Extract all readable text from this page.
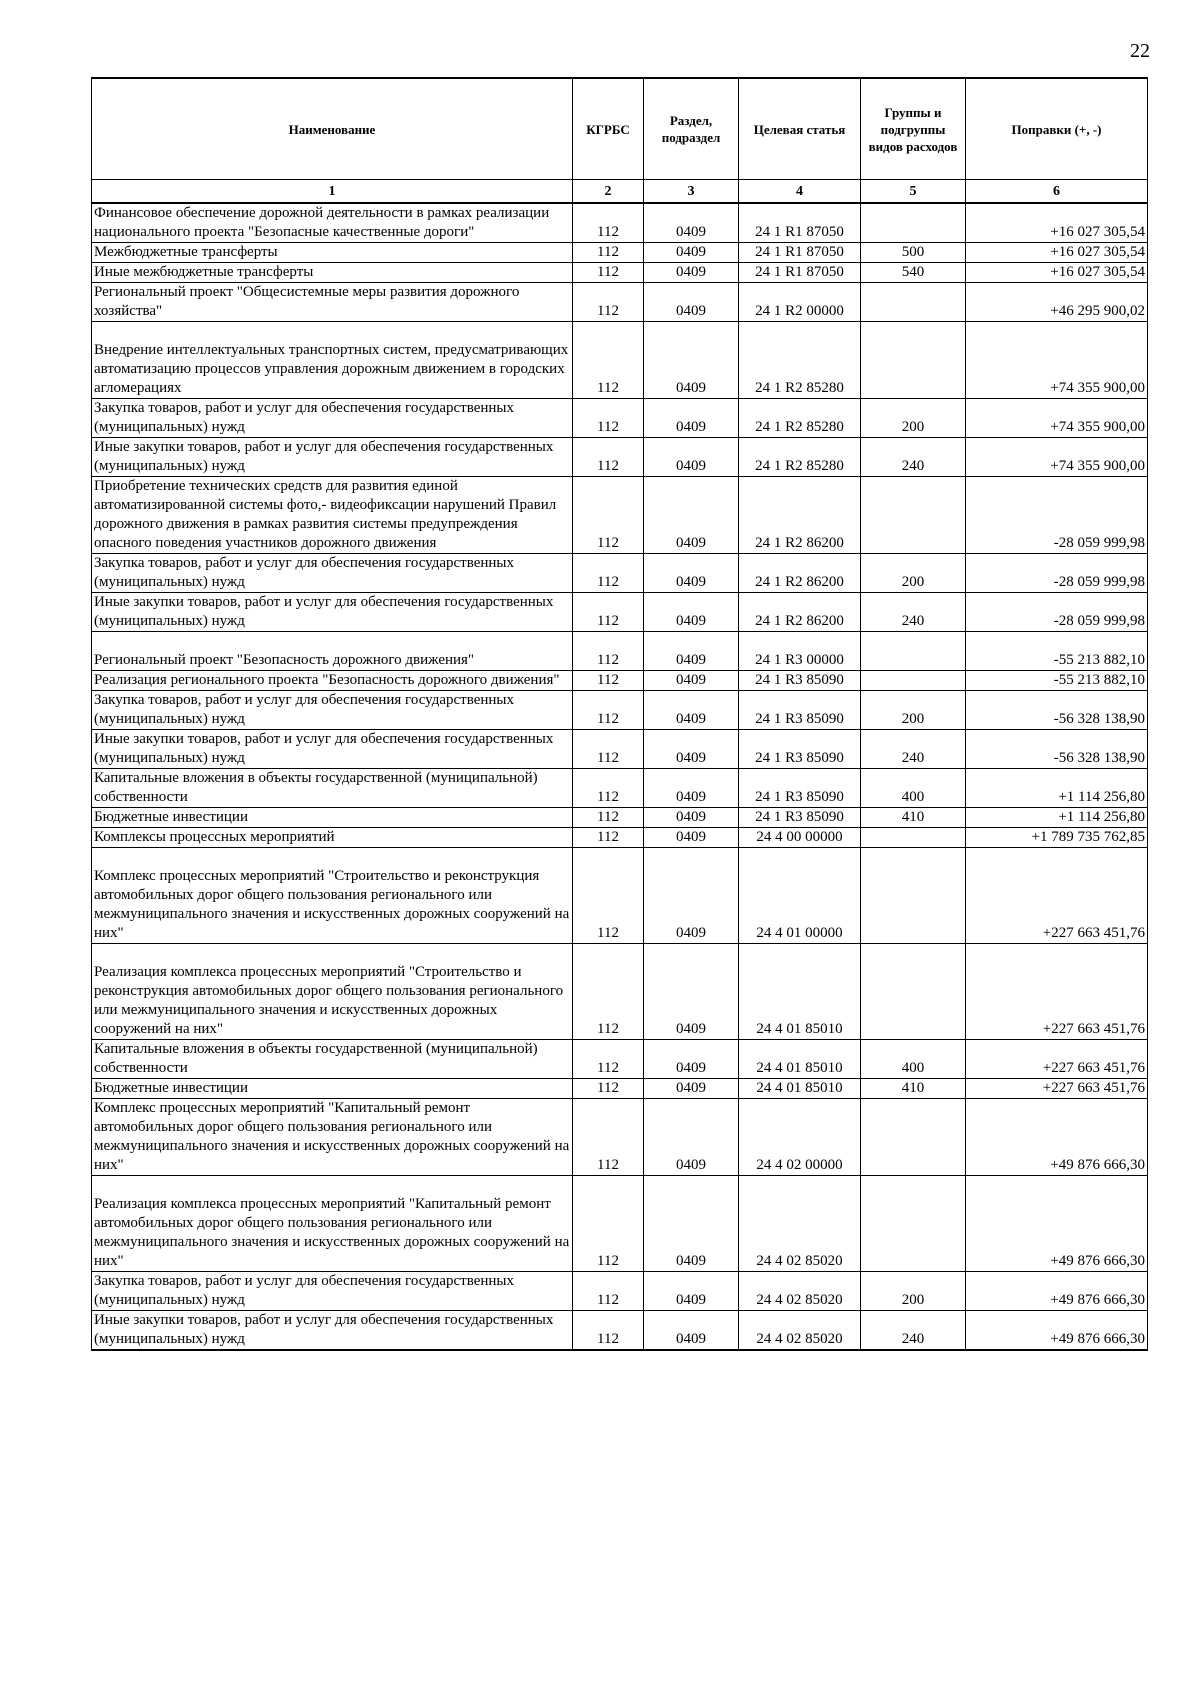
22
Наименование	КГРБС	Раздел, подраздел	Целевая статья	Группы и подгруппы видов расходов	Поправки (+, -)
1	2	3	4	5	6
Финансовое обеспечение дорожной деятельности в рамках реализации национального проекта "Безопасные качественные дороги"	112	0409	24 1 R1 87050		+16 027 305,54
Межбюджетные трансферты	112	0409	24 1 R1 87050	500	+16 027 305,54
Иные межбюджетные трансферты	112	0409	24 1 R1 87050	540	+16 027 305,54
Региональный проект "Общесистемные меры развития дорожного хозяйства"	112	0409	24 1 R2 00000		+46 295 900,02
Внедрение интеллектуальных транспортных систем, предусматривающих автоматизацию процессов управления дорожным движением в городских агломерациях	112	0409	24 1 R2 85280		+74 355 900,00
Закупка товаров, работ и услуг для обеспечения государственных (муниципальных) нужд	112	0409	24 1 R2 85280	200	+74 355 900,00
Иные закупки товаров, работ и услуг для обеспечения государственных (муниципальных) нужд	112	0409	24 1 R2 85280	240	+74 355 900,00
Приобретение технических средств для развития единой автоматизированной системы фото,- видеофиксации нарушений Правил дорожного движения в рамках развития системы предупреждения опасного поведения участников дорожного движения	112	0409	24 1 R2 86200		-28 059 999,98
Закупка товаров, работ и услуг для обеспечения государственных (муниципальных) нужд	112	0409	24 1 R2 86200	200	-28 059 999,98
Иные закупки товаров, работ и услуг для обеспечения государственных (муниципальных) нужд	112	0409	24 1 R2 86200	240	-28 059 999,98
Региональный проект "Безопасность дорожного движения"	112	0409	24 1 R3 00000		-55 213 882,10
Реализация регионального проекта "Безопасность дорожного движения"	112	0409	24 1 R3 85090		-55 213 882,10
Закупка товаров, работ и услуг для обеспечения государственных (муниципальных) нужд	112	0409	24 1 R3 85090	200	-56 328 138,90
Иные закупки товаров, работ и услуг для обеспечения государственных (муниципальных) нужд	112	0409	24 1 R3 85090	240	-56 328 138,90
Капитальные вложения в объекты государственной (муниципальной) собственности	112	0409	24 1 R3 85090	400	+1 114 256,80
Бюджетные инвестиции	112	0409	24 1 R3 85090	410	+1 114 256,80
Комплексы процессных мероприятий	112	0409	24 4 00 00000		+1 789 735 762,85
Комплекс процессных мероприятий "Строительство и реконструкция автомобильных дорог общего пользования регионального или межмуниципального значения и искусственных дорожных сооружений на них"	112	0409	24 4 01 00000		+227 663 451,76
Реализация комплекса процессных мероприятий "Строительство и реконструкция автомобильных дорог общего пользования регионального или межмуниципального значения и искусственных дорожных сооружений на них"	112	0409	24 4 01 85010		+227 663 451,76
Капитальные вложения в объекты государственной (муниципальной) собственности	112	0409	24 4 01 85010	400	+227 663 451,76
Бюджетные инвестиции	112	0409	24 4 01 85010	410	+227 663 451,76
Комплекс процессных мероприятий "Капитальный ремонт автомобильных дорог общего пользования регионального или межмуниципального значения и искусственных дорожных сооружений на них"	112	0409	24 4 02 00000		+49 876 666,30
Реализация комплекса процессных мероприятий "Капитальный ремонт автомобильных дорог общего пользования регионального или межмуниципального значения и искусственных дорожных сооружений на них"	112	0409	24 4 02 85020		+49 876 666,30
Закупка товаров, работ и услуг для обеспечения государственных (муниципальных) нужд	112	0409	24 4 02 85020	200	+49 876 666,30
Иные закупки товаров, работ и услуг для обеспечения государственных (муниципальных) нужд	112	0409	24 4 02 85020	240	+49 876 666,30
